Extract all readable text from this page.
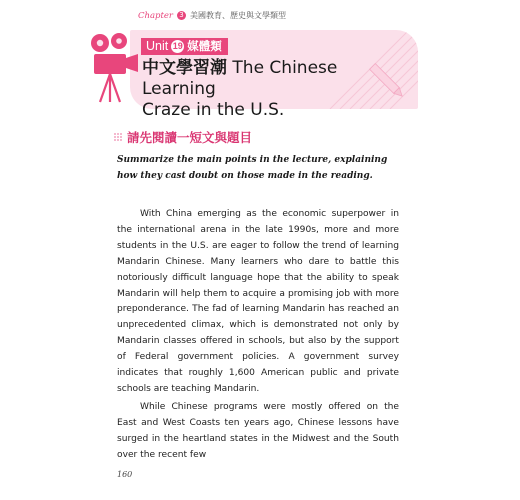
Chapter 3 美國教育、歷史與文學類型
Unit 19 媒體類
中文學習潮 The Chinese Learning
Craze in the U.S.
請先閱讀一短文與題目
Summarize the main points in the lecture, explaining how they cast doubt on those made in the reading.
With China emerging as the economic superpower in the international arena in the late 1990s, more and more students in the U.S. are eager to follow the trend of learning Mandarin Chinese. Many learners who dare to battle this notoriously difficult language hope that the ability to speak Mandarin will help them to acquire a promising job with more preponderance. The fad of learning Mandarin has reached an unprecedented climax, which is demonstrated not only by Mandarin classes offered in schools, but also by the support of Federal government policies. A government survey indicates that roughly 1,600 American public and private schools are teaching Mandarin.
While Chinese programs were mostly offered on the East and West Coasts ten years ago, Chinese lessons have surged in the heartland states in the Midwest and the South over the recent few
160
